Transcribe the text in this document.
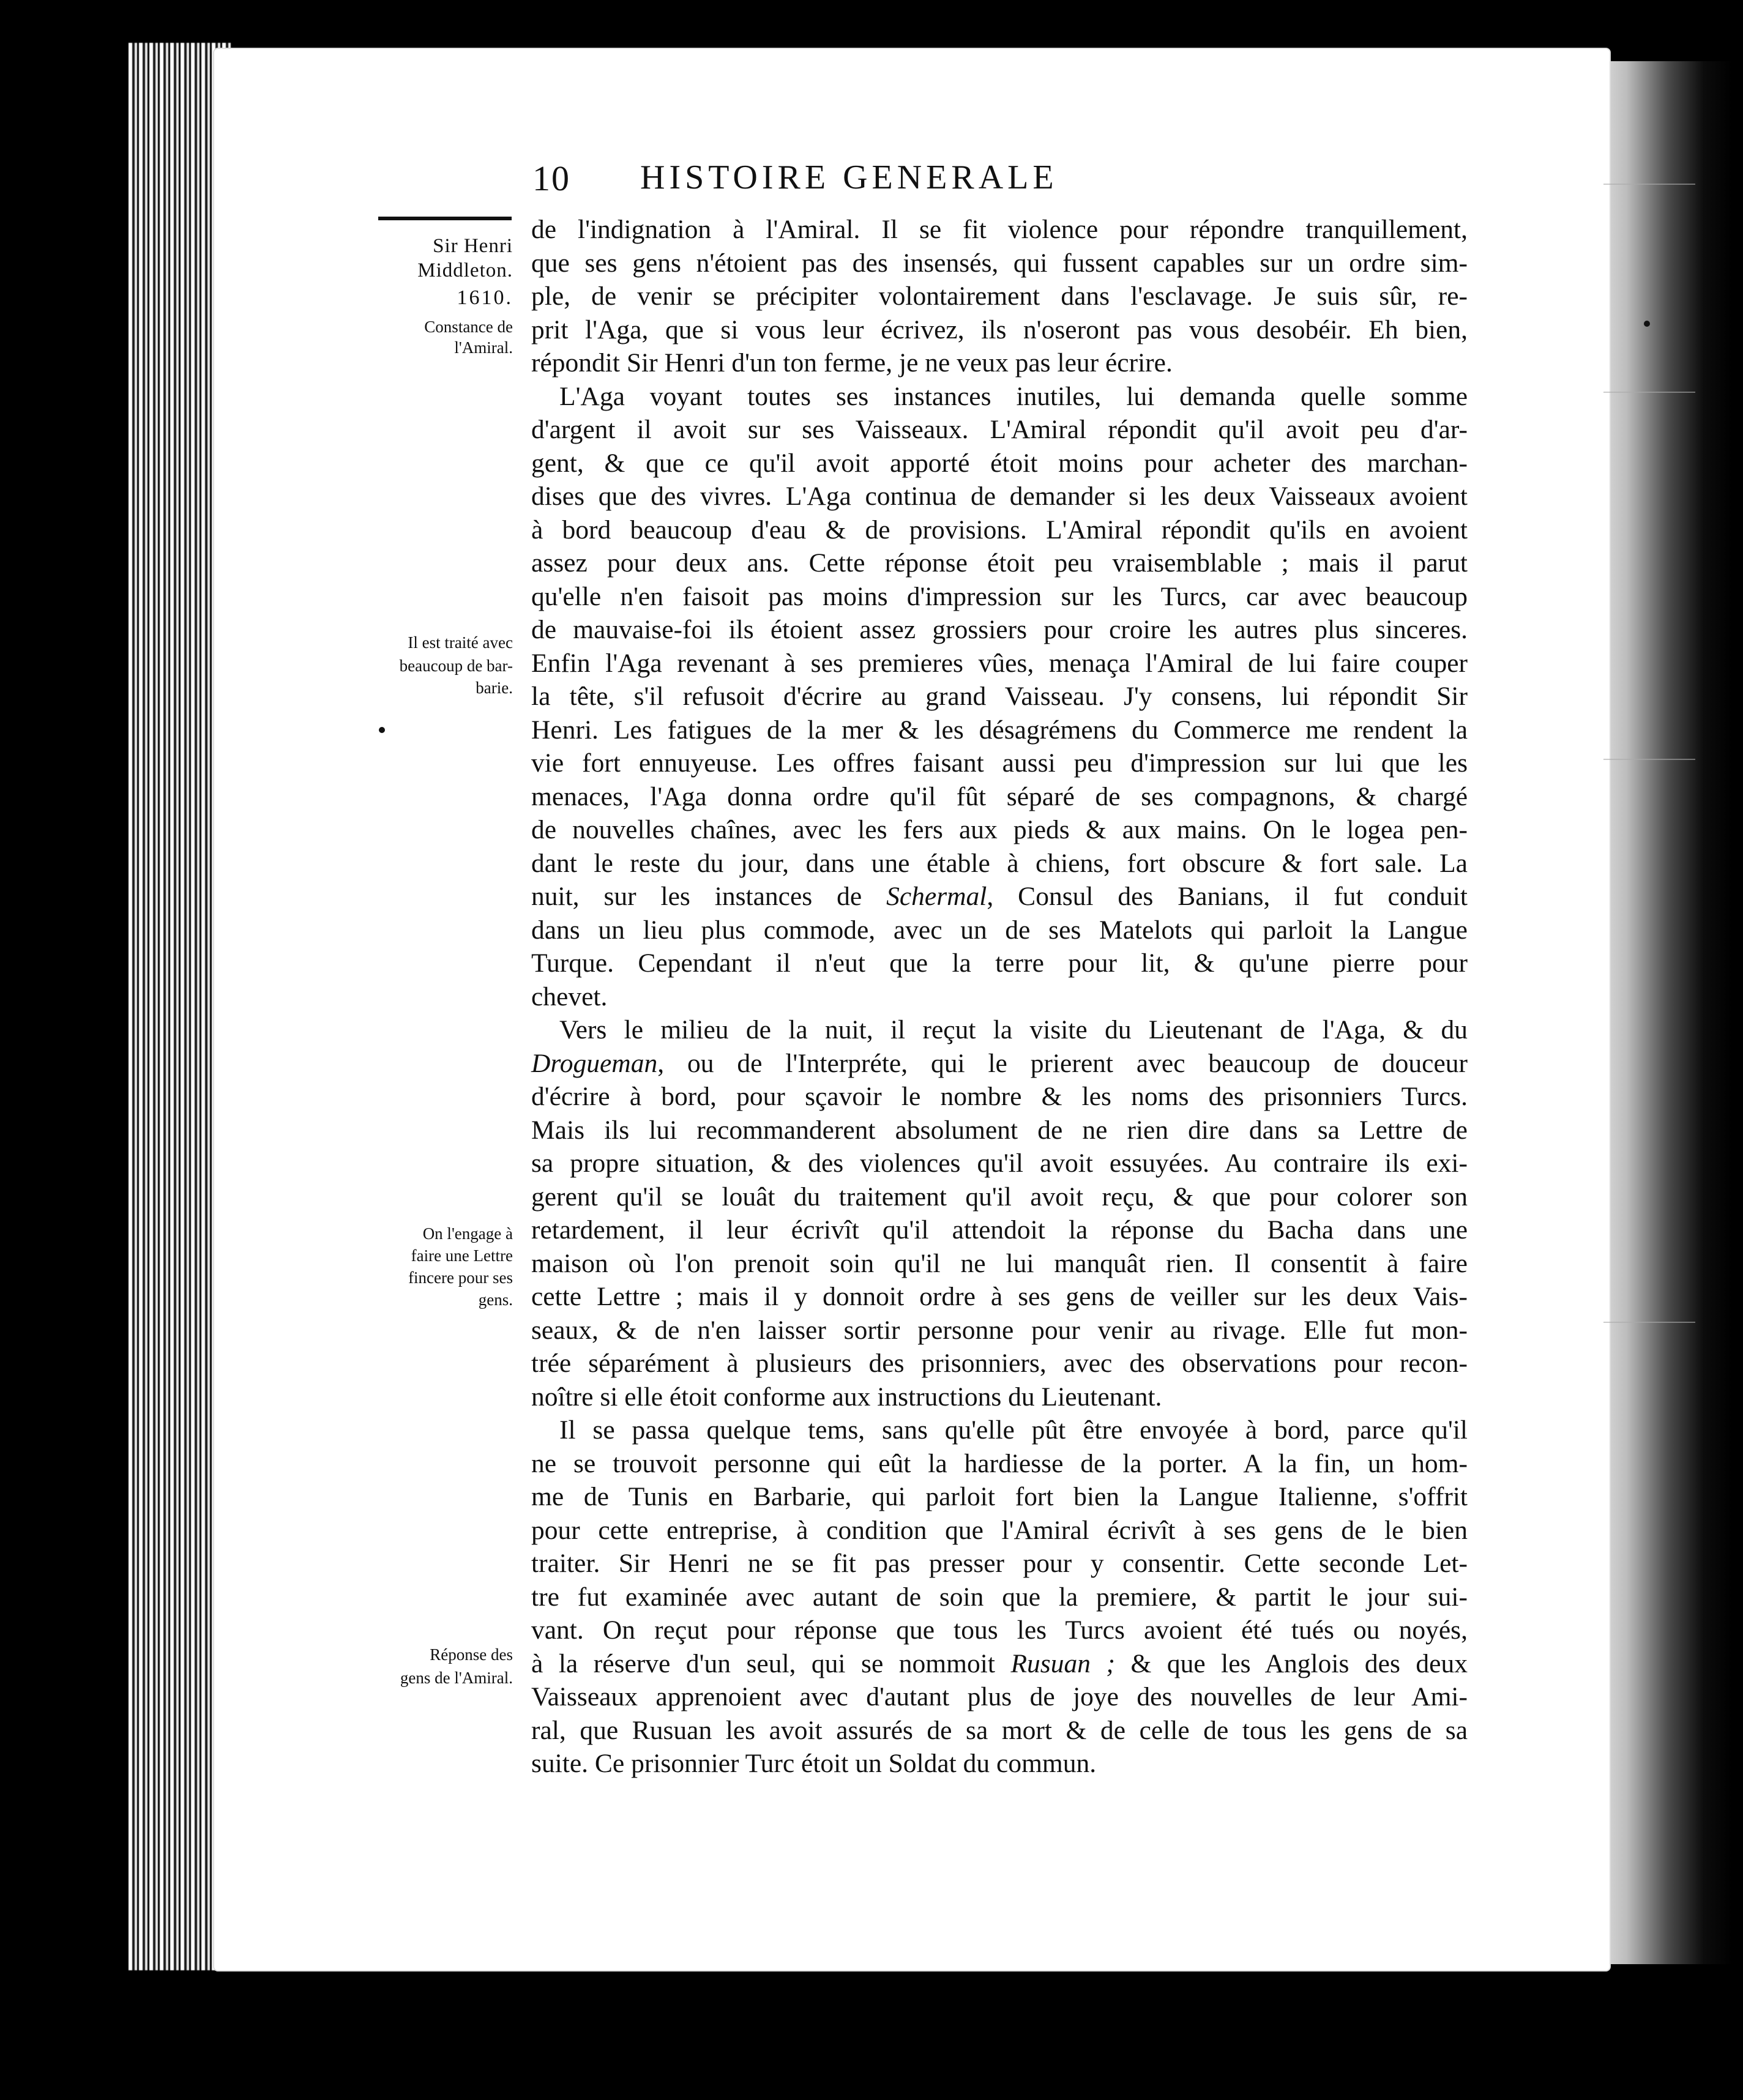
10 HISTOIRE GENERALE
Sir Henri
Middleton.
1610.
Constance de
l'Amiral.
Il est traité avec
beaucoup de bar-
barie.
On l'engage à
faire une Lettre
fincere pour ses
gens.
Réponse des
gens de l'Amiral.
de l'indignation à l'Amiral. Il se fit violence pour répondre tranquillement,
que ses gens n'étoient pas des insensés, qui fussent capables sur un ordre sim-
ple, de venir se précipiter volontairement dans l'esclavage. Je suis sûr, re-
prit l'Aga, que si vous leur écrivez, ils n'oseront pas vous desobéir. Eh bien,
répondit Sir Henri d'un ton ferme, je ne veux pas leur écrire.
L'Aga voyant toutes ses instances inutiles, lui demanda quelle somme
d'argent il avoit sur ses Vaisseaux. L'Amiral répondit qu'il avoit peu d'ar-
gent, & que ce qu'il avoit apporté étoit moins pour acheter des marchan-
dises que des vivres. L'Aga continua de demander si les deux Vaisseaux avoient
à bord beaucoup d'eau & de provisions. L'Amiral répondit qu'ils en avoient
assez pour deux ans. Cette réponse étoit peu vraisemblable ; mais il parut
qu'elle n'en faisoit pas moins d'impression sur les Turcs, car avec beaucoup
de mauvaise-foi ils étoient assez grossiers pour croire les autres plus sinceres.
Enfin l'Aga revenant à ses premieres vûes, menaça l'Amiral de lui faire couper
la tête, s'il refusoit d'écrire au grand Vaisseau. J'y consens, lui répondit Sir
Henri. Les fatigues de la mer & les désagrémens du Commerce me rendent la
vie fort ennuyeuse. Les offres faisant aussi peu d'impression sur lui que les
menaces, l'Aga donna ordre qu'il fût séparé de ses compagnons, & chargé
de nouvelles chaînes, avec les fers aux pieds & aux mains. On le logea pen-
dant le reste du jour, dans une étable à chiens, fort obscure & fort sale. La
nuit, sur les instances de Schermal, Consul des Banians, il fut conduit
dans un lieu plus commode, avec un de ses Matelots qui parloit la Langue
Turque. Cependant il n'eut que la terre pour lit, & qu'une pierre pour
chevet.
Vers le milieu de la nuit, il reçut la visite du Lieutenant de l'Aga, & du
Drogueman, ou de l'Interpréte, qui le prierent avec beaucoup de douceur
d'écrire à bord, pour sçavoir le nombre & les noms des prisonniers Turcs.
Mais ils lui recommanderent absolument de ne rien dire dans sa Lettre de
sa propre situation, & des violences qu'il avoit essuyées. Au contraire ils exi-
gerent qu'il se louât du traitement qu'il avoit reçu, & que pour colorer son
retardement, il leur écrivît qu'il attendoit la réponse du Bacha dans une
maison où l'on prenoit soin qu'il ne lui manquât rien. Il consentit à faire
cette Lettre ; mais il y donnoit ordre à ses gens de veiller sur les deux Vais-
seaux, & de n'en laisser sortir personne pour venir au rivage. Elle fut mon-
trée séparément à plusieurs des prisonniers, avec des observations pour recon-
noître si elle étoit conforme aux instructions du Lieutenant.
Il se passa quelque tems, sans qu'elle pût être envoyée à bord, parce qu'il
ne se trouvoit personne qui eût la hardiesse de la porter. A la fin, un hom-
me de Tunis en Barbarie, qui parloit fort bien la Langue Italienne, s'offrit
pour cette entreprise, à condition que l'Amiral écrivît à ses gens de le bien
traiter. Sir Henri ne se fit pas presser pour y consentir. Cette seconde Let-
tre fut examinée avec autant de soin que la premiere, & partit le jour sui-
vant. On reçut pour réponse que tous les Turcs avoient été tués ou noyés,
à la réserve d'un seul, qui se nommoit Rusuan ; & que les Anglois des deux
Vaisseaux apprenoient avec d'autant plus de joye des nouvelles de leur Ami-
ral, que Rusuan les avoit assurés de sa mort & de celle de tous les gens de sa
suite. Ce prisonnier Turc étoit un Soldat du commun.
